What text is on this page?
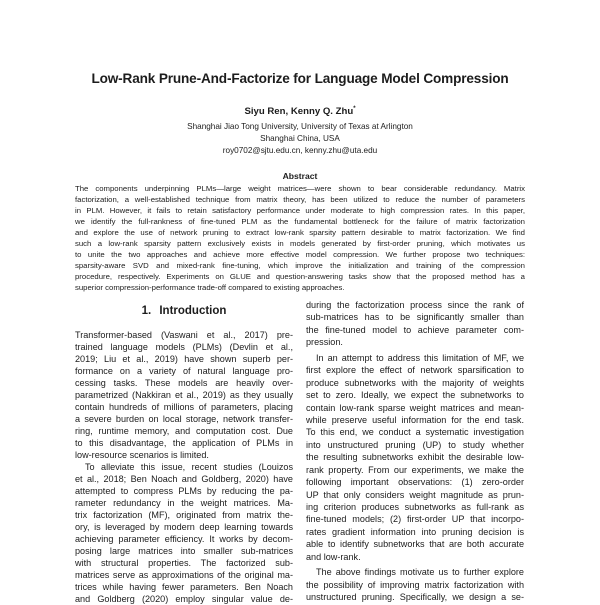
Low-Rank Prune-And-Factorize for Language Model Compression
Siyu Ren, Kenny Q. Zhu*
Shanghai Jiao Tong University, University of Texas at Arlington
Shanghai China, USA
roy0702@sjtu.edu.cn, kenny.zhu@uta.edu
Abstract
The components underpinning PLMs—large weight matrices—were shown to bear considerable redundancy. Matrix
factorization, a well-established technique from matrix theory, has been utilized to reduce the number of parameters
in PLM. However, it fails to retain satisfactory performance under moderate to high compression rates. In this paper,
we identify the full-rankness of fine-tuned PLM as the fundamental bottleneck for the failure of matrix factorization
and explore the use of network pruning to extract low-rank sparsity pattern desirable to matrix factorization. We find
such a low-rank sparsity pattern exclusively exists in models generated by first-order pruning, which motivates us
to unite the two approaches and achieve more effective model compression. We further propose two techniques:
sparsity-aware SVD and mixed-rank fine-tuning, which improve the initialization and training of the compression
procedure, respectively. Experiments on GLUE and question-answering tasks show that the proposed method has a
superior compression-performance trade-off compared to existing approaches.
1. Introduction
Transformer-based (Vaswani et al., 2017) pre-
trained language models (PLMs) (Devlin et al.,
2019; Liu et al., 2019) have shown superb per-
formance on a variety of natural language pro-
cessing tasks. These models are heavily over-
parametrized (Nakkiran et al., 2019) as they usually
contain hundreds of millions of parameters, placing
a severe burden on local storage, network transfer-
ring, runtime memory, and computation cost. Due
to this disadvantage, the application of PLMs in
low-resource scenarios is limited.
To alleviate this issue, recent studies (Louizos
et al., 2018; Ben Noach and Goldberg, 2020) have
attempted to compress PLMs by reducing the pa-
rameter redundancy in the weight matrices. Ma-
trix factorization (MF), originated from matrix the-
ory, is leveraged by modern deep learning towards
achieving parameter efficiency. It works by decom-
posing large matrices into smaller sub-matrices
with structural properties. The factorized sub-
matrices serve as approximations of the original ma-
trices while having fewer parameters. Ben Noach
and Goldberg (2020) employ singular value de-
during the factorization process since the rank of
sub-matrices has to be significantly smaller than
the fine-tuned model to achieve parameter com-
pression.
In an attempt to address this limitation of MF, we
first explore the effect of network sparsification to
produce subnetworks with the majority of weights
set to zero. Ideally, we expect the subnetworks to
contain low-rank sparse weight matrices and mean-
while preserve useful information for the end task.
To this end, we conduct a systematic investigation
into unstructured pruning (UP) to study whether
the resulting subnetworks exhibit the desirable low-
rank property. From our experiments, we make the
following important observations: (1) zero-order
UP that only considers weight magnitude as prun-
ing criterion produces subnetworks as full-rank as
fine-tuned models; (2) first-order UP that incorpo-
rates gradient information into pruning decision is
able to identify subnetworks that are both accurate
and low-rank.
The above findings motivate us to further explore
the possibility of improving matrix factorization with
unstructured pruning. Specifically, we design a se-
